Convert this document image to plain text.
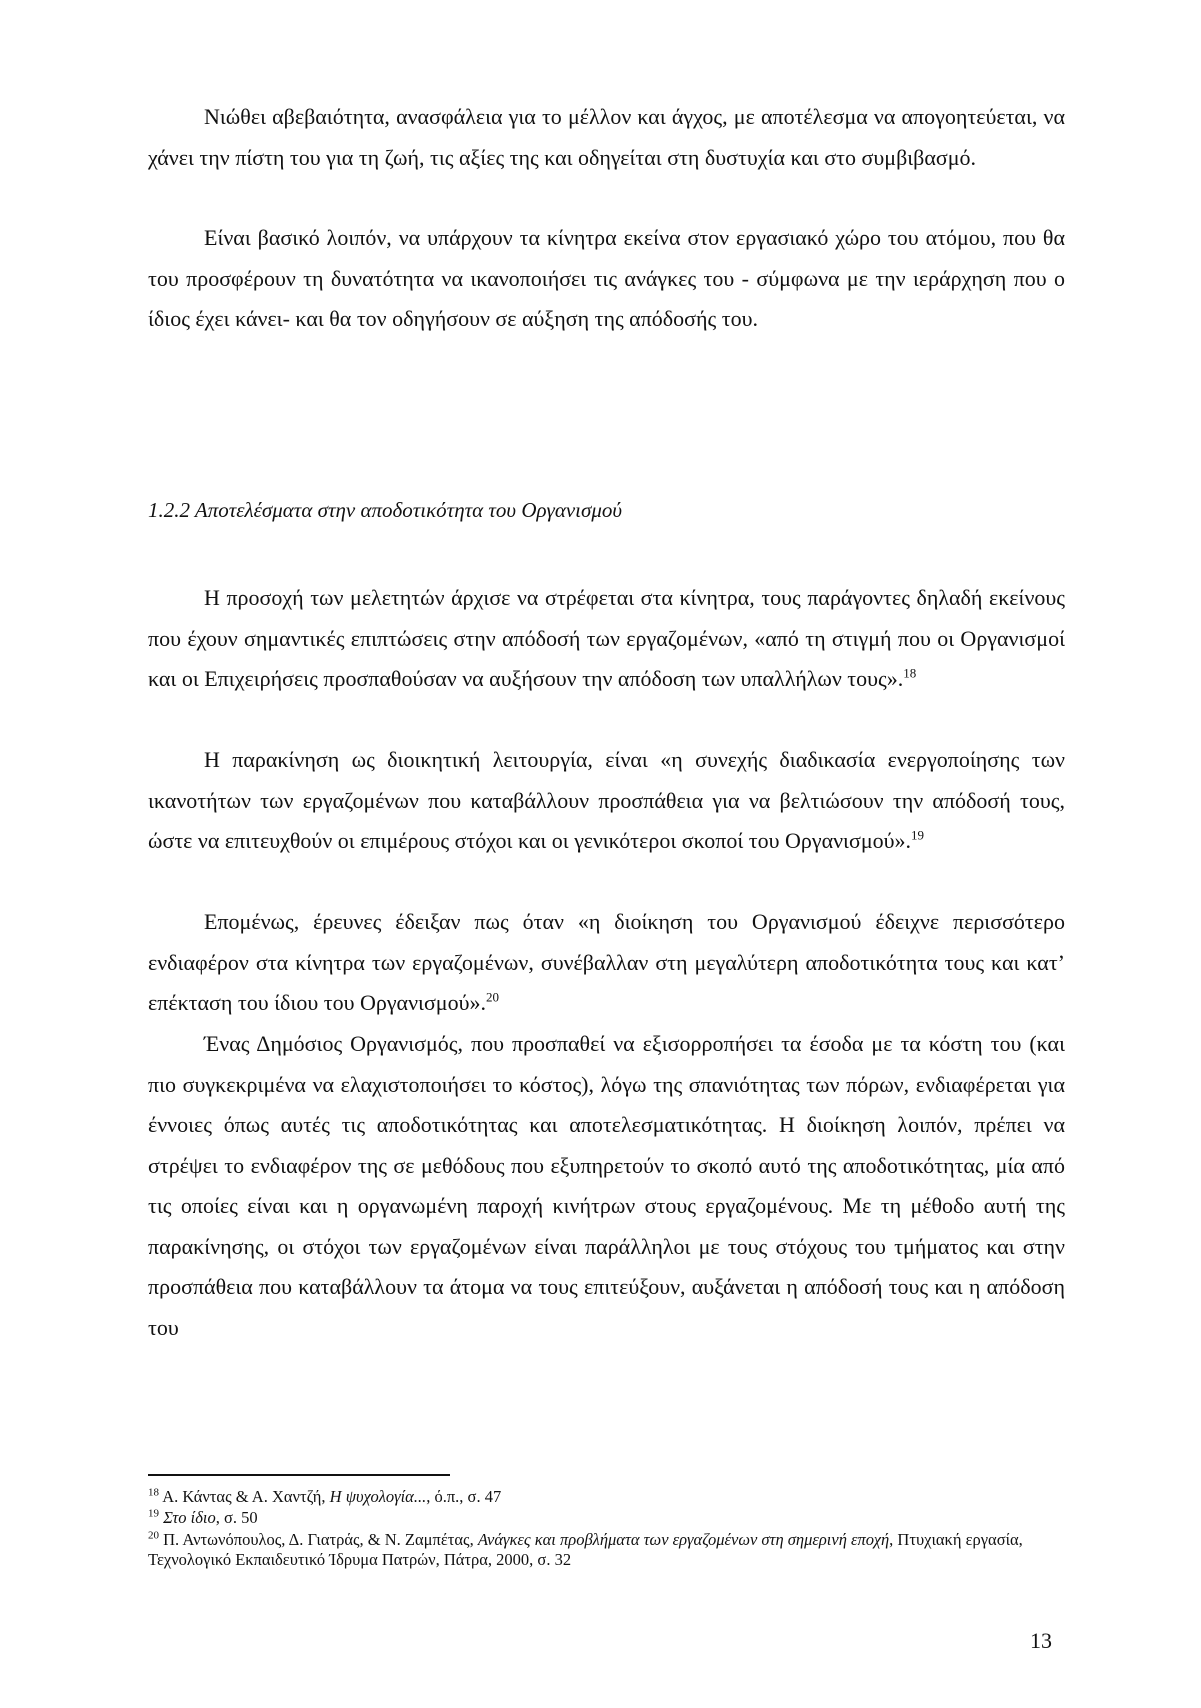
Νιώθει αβεβαιότητα, ανασφάλεια για το μέλλον και άγχος, με αποτέλεσμα να απογοητεύεται, να χάνει την πίστη του για τη ζωή, τις αξίες της και οδηγείται στη δυστυχία και στο συμβιβασμό.

Είναι βασικό λοιπόν, να υπάρχουν τα κίνητρα εκείνα στον εργασιακό χώρο του ατόμου, που θα του προσφέρουν τη δυνατότητα να ικανοποιήσει τις ανάγκες του - σύμφωνα με την ιεράρχηση που ο ίδιος έχει κάνει- και θα τον οδηγήσουν σε αύξηση της απόδοσής του.

1.2.2 Αποτελέσματα στην αποδοτικότητα του Οργανισμού

Η προσοχή των μελετητών άρχισε να στρέφεται στα κίνητρα, τους παράγοντες δηλαδή εκείνους που έχουν σημαντικές επιπτώσεις στην απόδοσή των εργαζομένων, «από τη στιγμή που οι Οργανισμοί και οι Επιχειρήσεις προσπαθούσαν να αυξήσουν την απόδοση των υπαλλήλων τους».$^{18}$

Η παρακίνηση ως διοικητική λειτουργία, είναι «η συνεχής διαδικασία ενεργοποίησης των ικανοτήτων των εργαζομένων που καταβάλλουν προσπάθεια για να βελτιώσουν την απόδοσή τους, ώστε να επιτευχθούν οι επιμέρους στόχοι και οι γενικότεροι σκοποί του Οργανισμού».$^{19}$

Επομένως, έρευνες έδειξαν πως όταν «η διοίκηση του Οργανισμού έδειχνε περισσότερο ενδιαφέρον στα κίνητρα των εργαζομένων, συνέβαλλαν στη μεγαλύτερη αποδοτικότητα τους και κατ’ επέκταση του ίδιου του Οργανισμού».$^{20}$

Ένας Δημόσιος Οργανισμός, που προσπαθεί να εξισορροπήσει τα έσοδα με τα κόστη του (και πιο συγκεκριμένα να ελαχιστοποιήσει το κόστος), λόγω της σπανιότητας των πόρων, ενδιαφέρεται για έννοιες όπως αυτές τις αποδοτικότητας και αποτελεσματικότητας. Η διοίκηση λοιπόν, πρέπει να στρέψει το ενδιαφέρον της σε μεθόδους που εξυπηρετούν το σκοπό αυτό της αποδοτικότητας, μία από τις οποίες είναι και η οργανωμένη παροχή κινήτρων στους εργαζομένους. Με τη μέθοδο αυτή της παρακίνησης, οι στόχοι των εργαζομένων είναι παράλληλοι με τους στόχους του τμήματος και στην προσπάθεια που καταβάλλουν τα άτομα να τους επιτεύξουν, αυξάνεται η απόδοσή τους και η απόδοση του

$^{18}$ Α. Κάντας & Α. Χαντζή, Η ψυχολογία..., ό.π., σ. 47

$^{19}$ Στο ίδιο, σ. 50

$^{20}$ Π. Αντωνόπουλος, Δ. Γιατράς, & Ν. Ζαμπέτας, Ανάγκες και προβλήματα των εργαζομένων στη σημερινή εποχή, Πτυχιακή εργασία, Τεχνολογικό Εκπαιδευτικό Ίδρυμα Πατρών, Πάτρα, 2000, σ. 32

13
